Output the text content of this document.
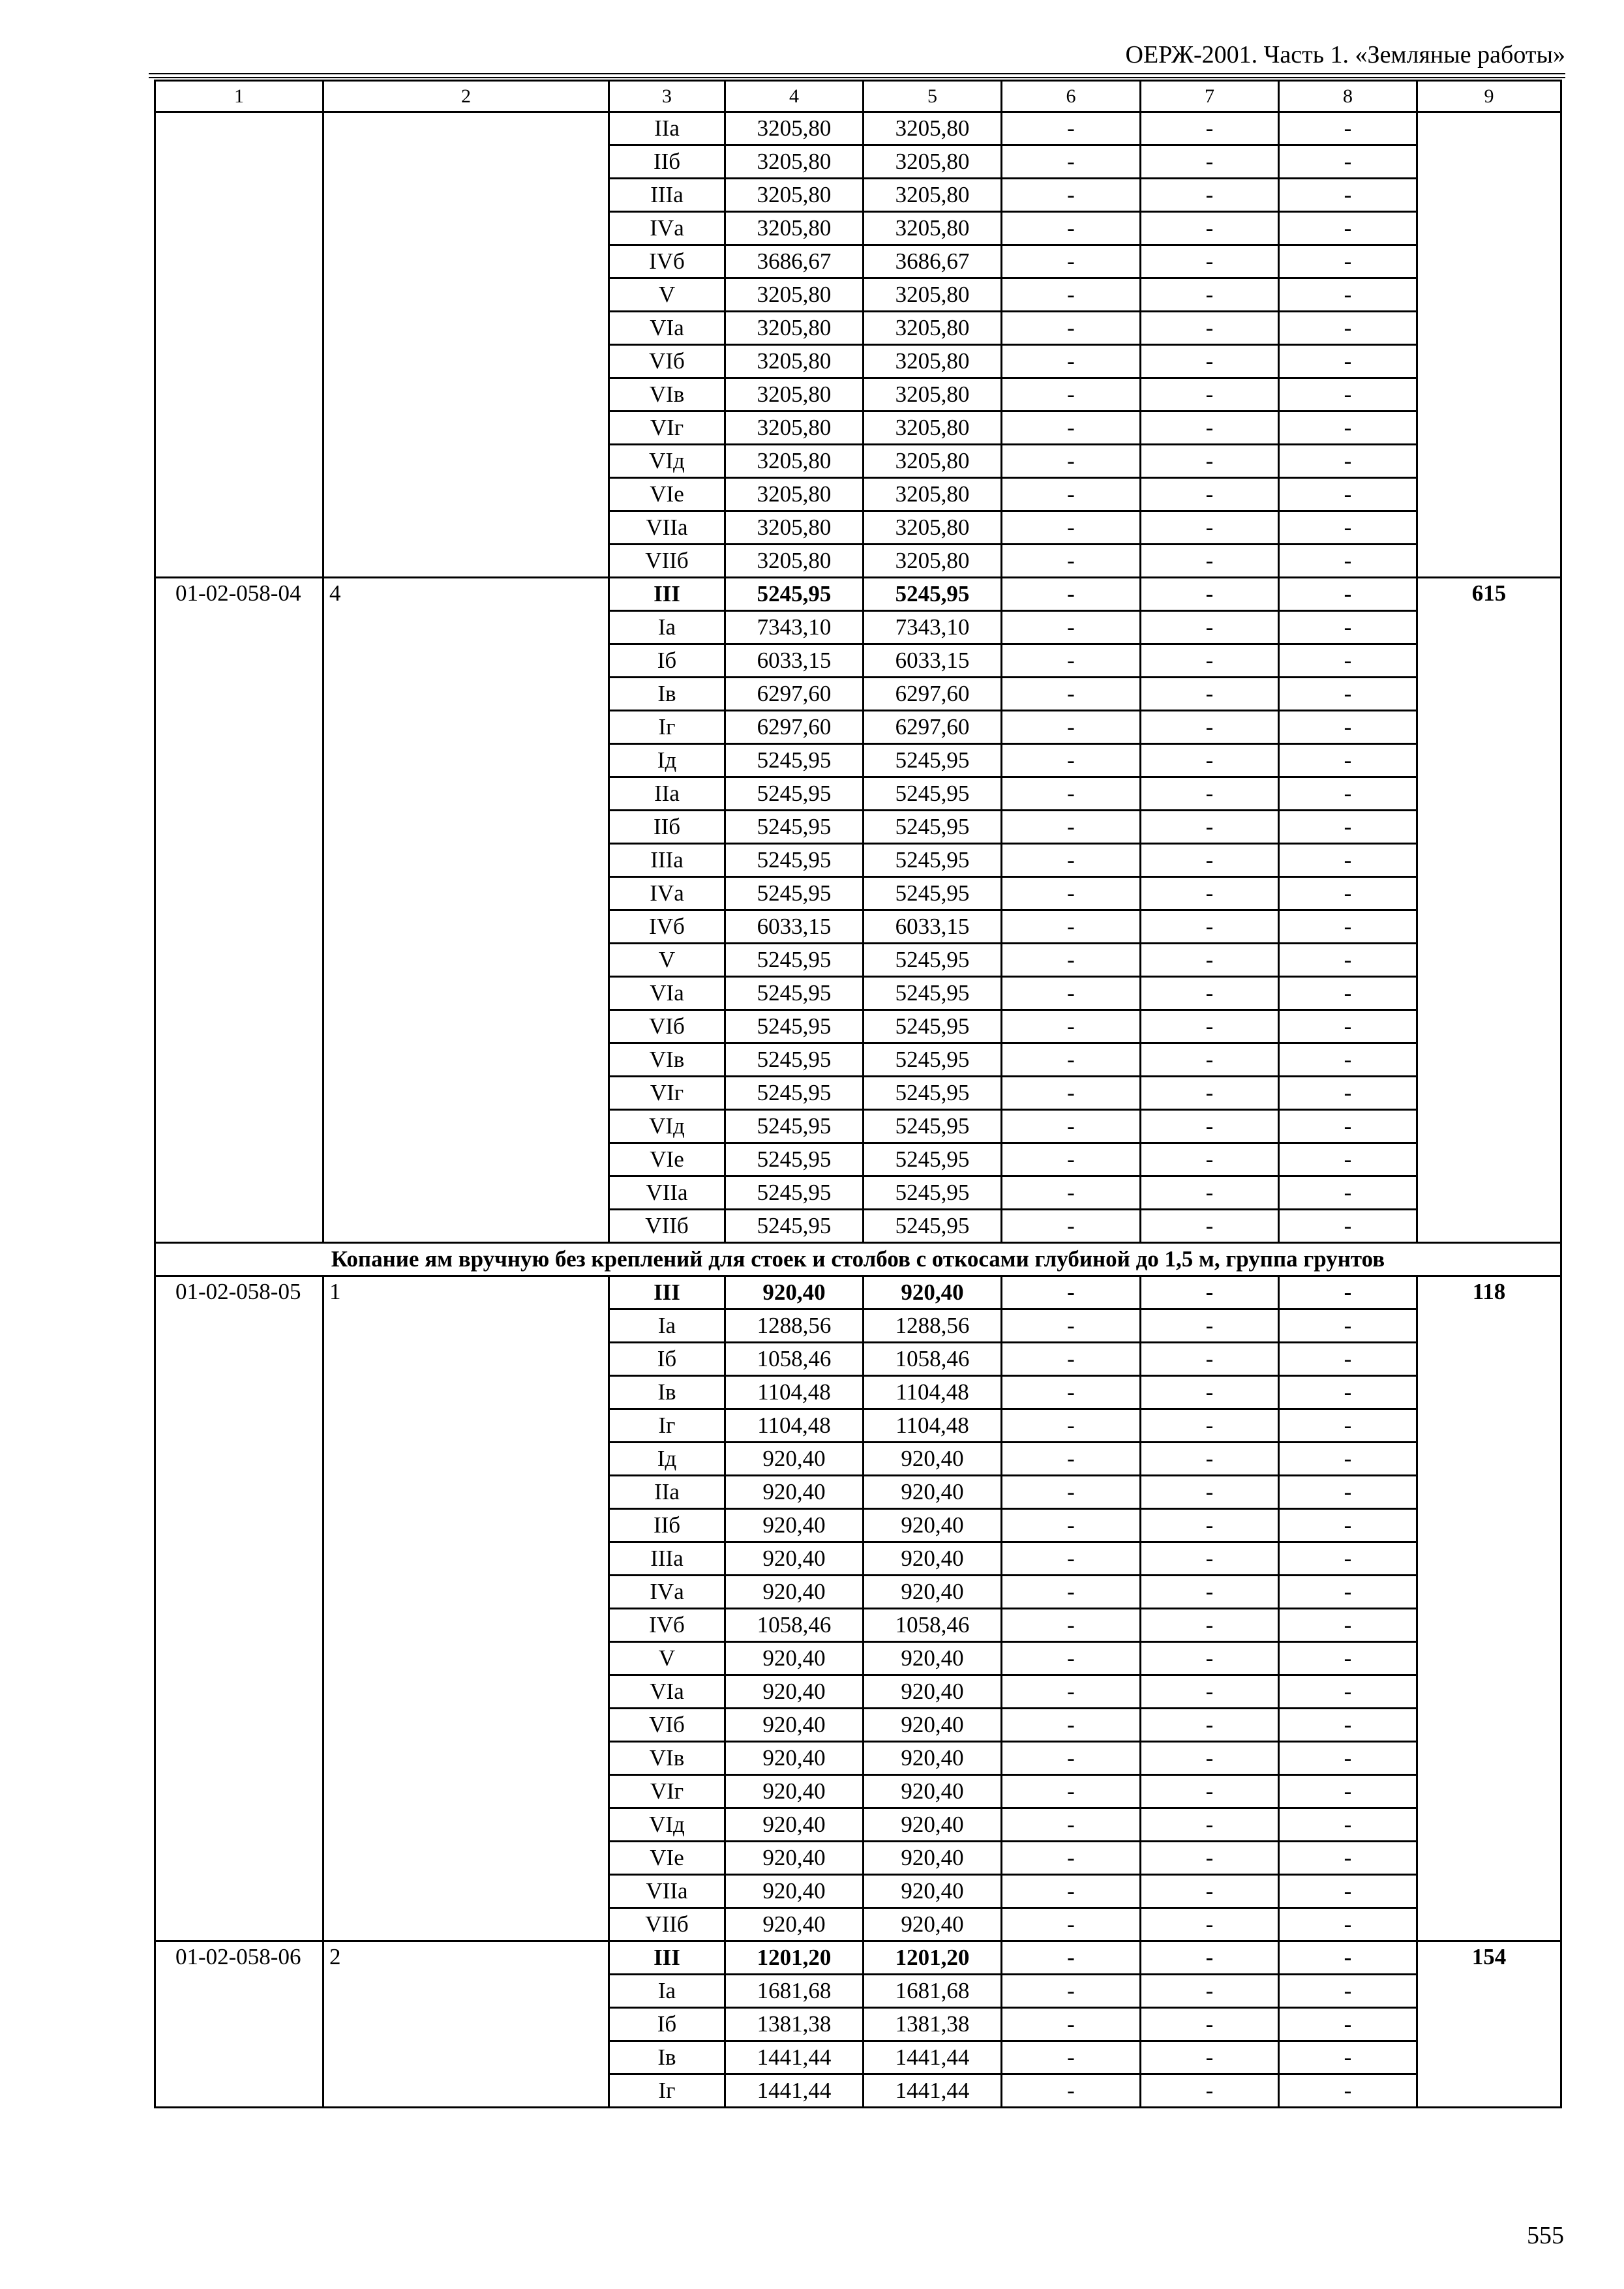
ОЕРЖ-2001. Часть 1. «Земляные работы»
1	2	3	4	5	6	7	8	9
		IIа	3205,80	3205,80	-	-	-	
		IIб	3205,80	3205,80	-	-	-	
		IIIа	3205,80	3205,80	-	-	-	
		IVа	3205,80	3205,80	-	-	-	
		IVб	3686,67	3686,67	-	-	-	
		V	3205,80	3205,80	-	-	-	
		VIа	3205,80	3205,80	-	-	-	
		VIб	3205,80	3205,80	-	-	-	
		VIв	3205,80	3205,80	-	-	-	
		VIг	3205,80	3205,80	-	-	-	
		VIд	3205,80	3205,80	-	-	-	
		VIе	3205,80	3205,80	-	-	-	
		VIIа	3205,80	3205,80	-	-	-	
		VIIб	3205,80	3205,80	-	-	-	
01-02-058-04	4	III	5245,95	5245,95	-	-	-	615
		Iа	7343,10	7343,10	-	-	-	
		Iб	6033,15	6033,15	-	-	-	
		Iв	6297,60	6297,60	-	-	-	
		Iг	6297,60	6297,60	-	-	-	
		Iд	5245,95	5245,95	-	-	-	
		IIа	5245,95	5245,95	-	-	-	
		IIб	5245,95	5245,95	-	-	-	
		IIIа	5245,95	5245,95	-	-	-	
		IVа	5245,95	5245,95	-	-	-	
		IVб	6033,15	6033,15	-	-	-	
		V	5245,95	5245,95	-	-	-	
		VIа	5245,95	5245,95	-	-	-	
		VIб	5245,95	5245,95	-	-	-	
		VIв	5245,95	5245,95	-	-	-	
		VIг	5245,95	5245,95	-	-	-	
		VIд	5245,95	5245,95	-	-	-	
		VIе	5245,95	5245,95	-	-	-	
		VIIа	5245,95	5245,95	-	-	-	
		VIIб	5245,95	5245,95	-	-	-	
Копание ям вручную без креплений для стоек и столбов с откосами глубиной до 1,5 м, группа грунтов								
01-02-058-05	1	III	920,40	920,40	-	-	-	118
		Iа	1288,56	1288,56	-	-	-	
		Iб	1058,46	1058,46	-	-	-	
		Iв	1104,48	1104,48	-	-	-	
		Iг	1104,48	1104,48	-	-	-	
		Iд	920,40	920,40	-	-	-	
		IIа	920,40	920,40	-	-	-	
		IIб	920,40	920,40	-	-	-	
		IIIа	920,40	920,40	-	-	-	
		IVа	920,40	920,40	-	-	-	
		IVб	1058,46	1058,46	-	-	-	
		V	920,40	920,40	-	-	-	
		VIа	920,40	920,40	-	-	-	
		VIб	920,40	920,40	-	-	-	
		VIв	920,40	920,40	-	-	-	
		VIг	920,40	920,40	-	-	-	
		VIд	920,40	920,40	-	-	-	
		VIе	920,40	920,40	-	-	-	
		VIIа	920,40	920,40	-	-	-	
		VIIб	920,40	920,40	-	-	-	
01-02-058-06	2	III	1201,20	1201,20	-	-	-	154
		Iа	1681,68	1681,68	-	-	-	
		Iб	1381,38	1381,38	-	-	-	
		Iв	1441,44	1441,44	-	-	-	
		Iг	1441,44	1441,44	-	-	-	
555
